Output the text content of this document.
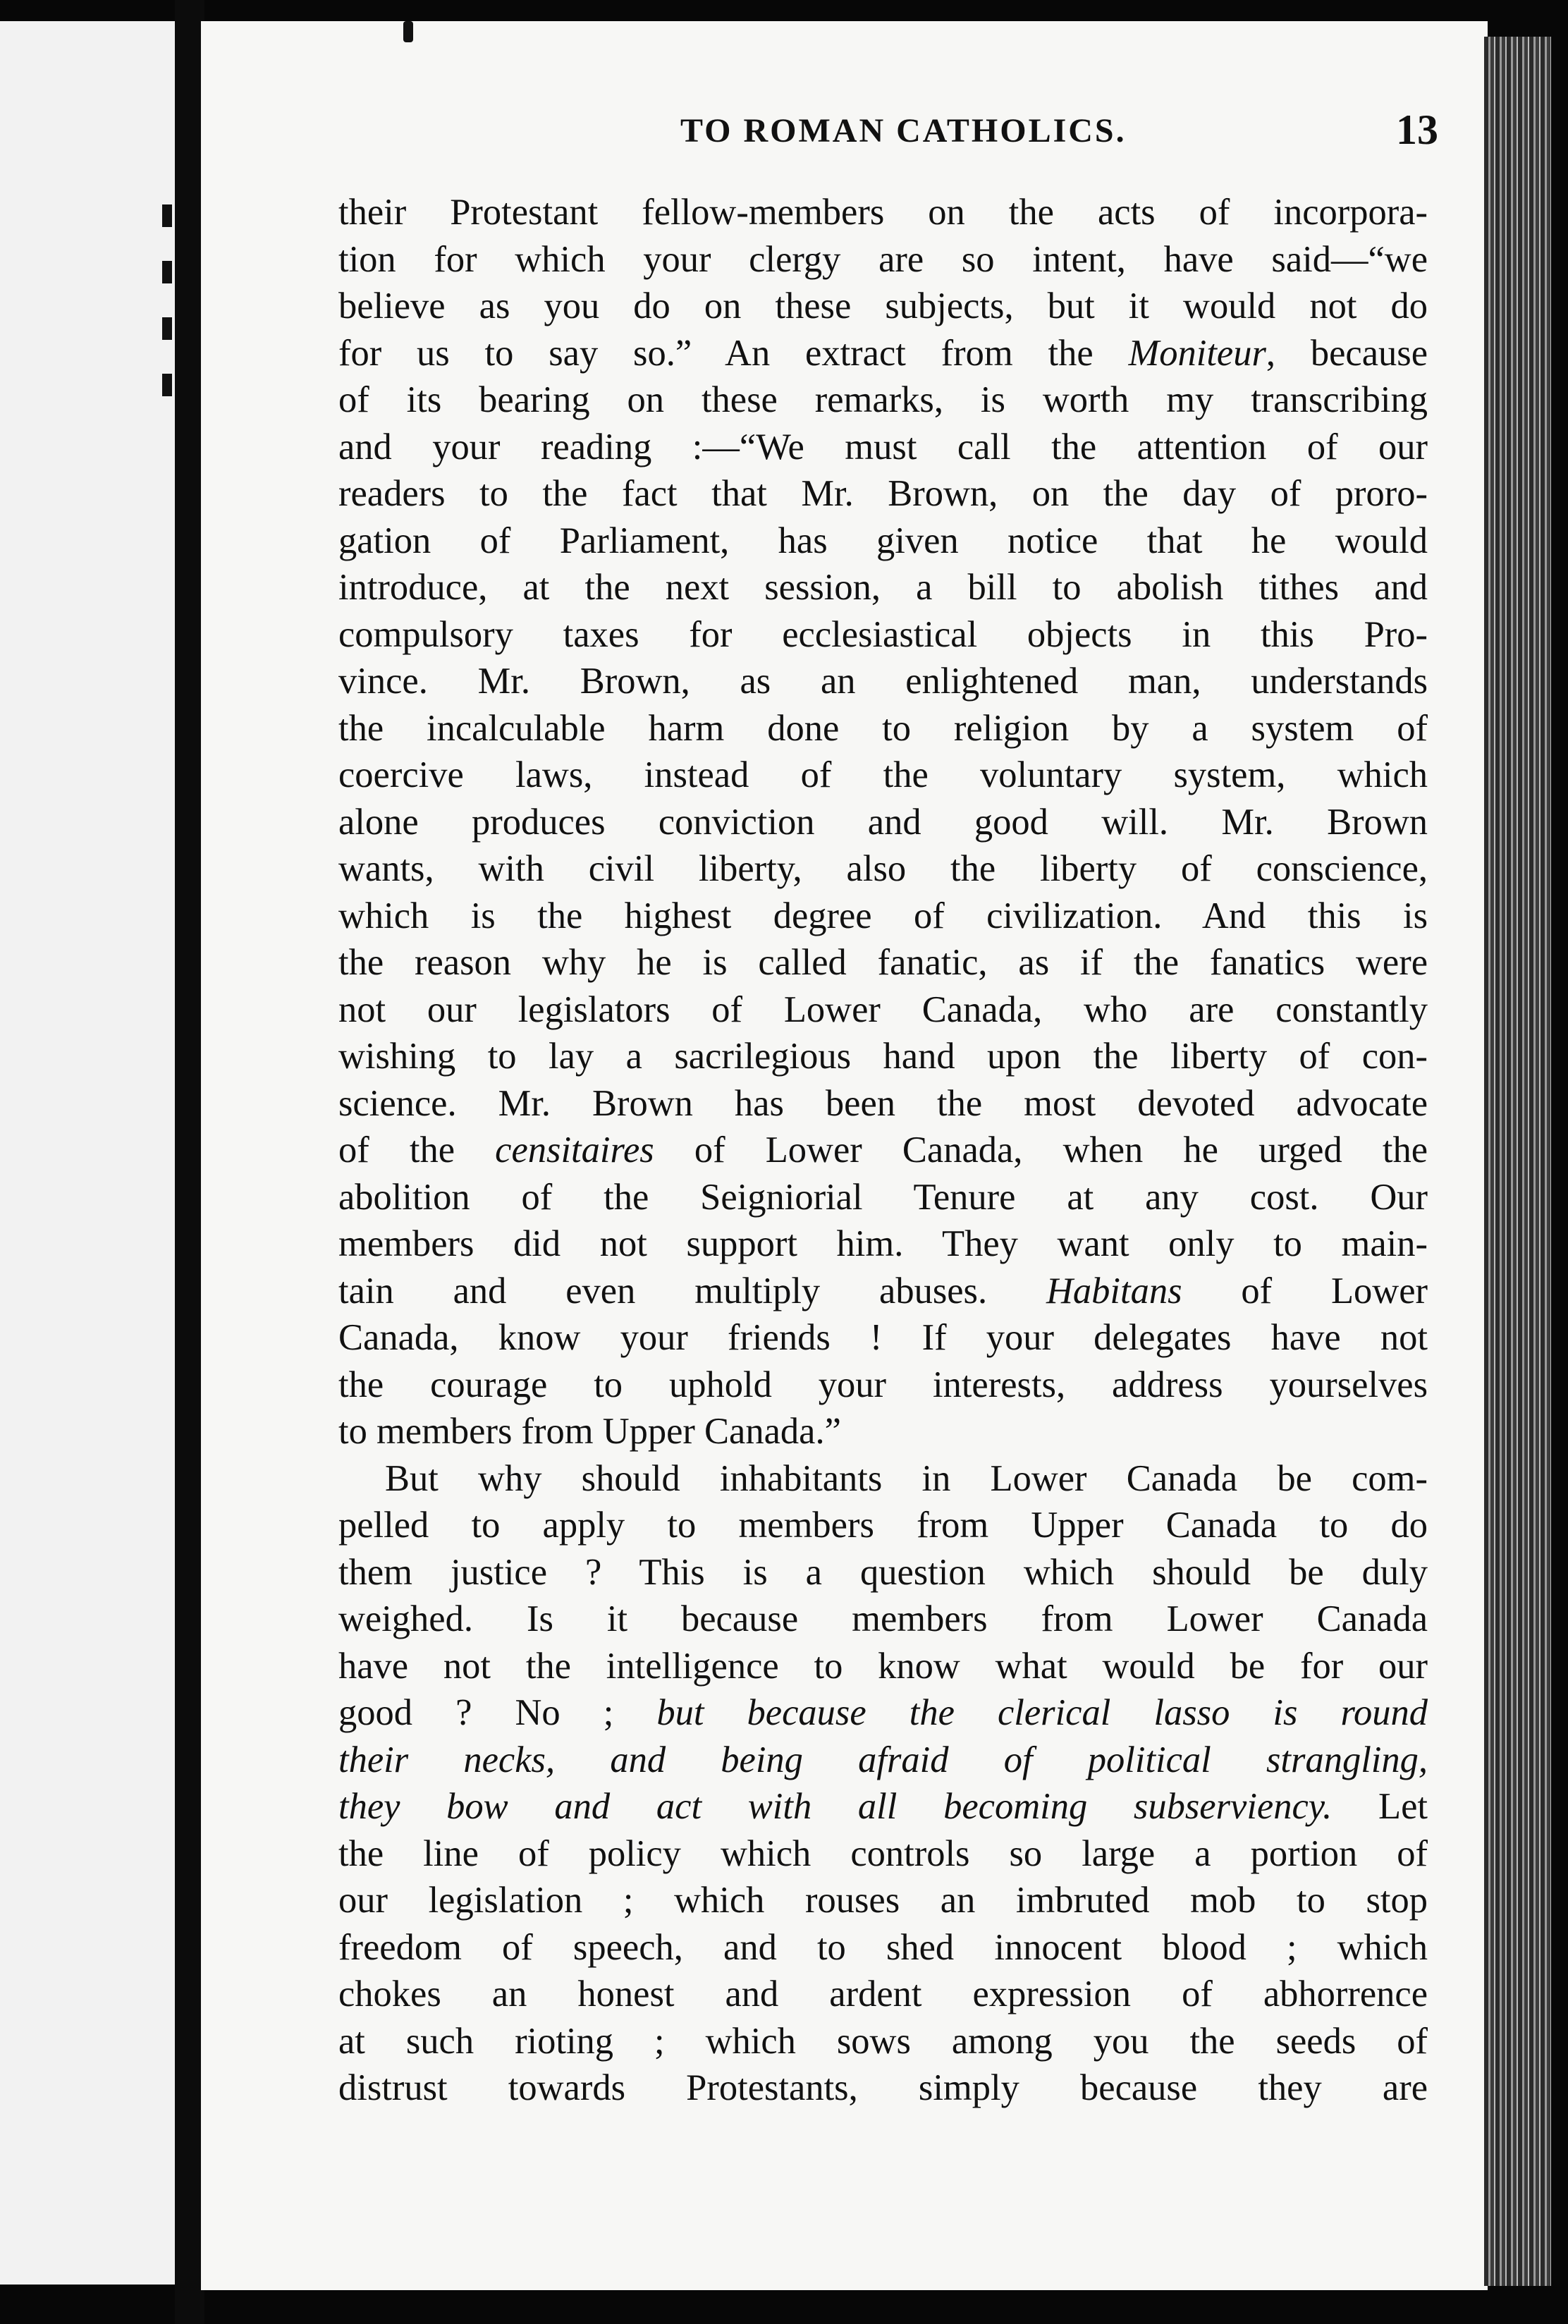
TO ROMAN CATHOLICS.	13
their Protestant fellow-members on the acts of incorpora-
tion for which your clergy are so intent, have said—“we
believe as you do on these subjects, but it would not do
for us to say so.” An extract from the Moniteur, because
of its bearing on these remarks, is worth my transcribing
and your reading :—“We must call the attention of our
readers to the fact that Mr. Brown, on the day of proro-
gation of Parliament, has given notice that he would
introduce, at the next session, a bill to abolish tithes and
compulsory taxes for ecclesiastical objects in this Pro-
vince. Mr. Brown, as an enlightened man, understands
the incalculable harm done to religion by a system of
coercive laws, instead of the voluntary system, which
alone produces conviction and good will. Mr. Brown
wants, with civil liberty, also the liberty of conscience,
which is the highest degree of civilization. And this is
the reason why he is called fanatic, as if the fanatics were
not our legislators of Lower Canada, who are constantly
wishing to lay a sacrilegious hand upon the liberty of con-
science. Mr. Brown has been the most devoted advocate
of the censitaires of Lower Canada, when he urged the
abolition of the Seigniorial Tenure at any cost. Our
members did not support him. They want only to main-
tain and even multiply abuses. Habitans of Lower
Canada, know your friends ! If your delegates have not
the courage to uphold your interests, address yourselves
to members from Upper Canada.”
But why should inhabitants in Lower Canada be com-
pelled to apply to members from Upper Canada to do
them justice ? This is a question which should be duly
weighed. Is it because members from Lower Canada
have not the intelligence to know what would be for our
good ? No ; but because the clerical lasso is round
their necks, and being afraid of political strangling,
they bow and act with all becoming subserviency. Let
the line of policy which controls so large a portion of
our legislation ; which rouses an imbruted mob to stop
freedom of speech, and to shed innocent blood ; which
chokes an honest and ardent expression of abhorrence
at such rioting ; which sows among you the seeds of
distrust towards Protestants, simply because they are
